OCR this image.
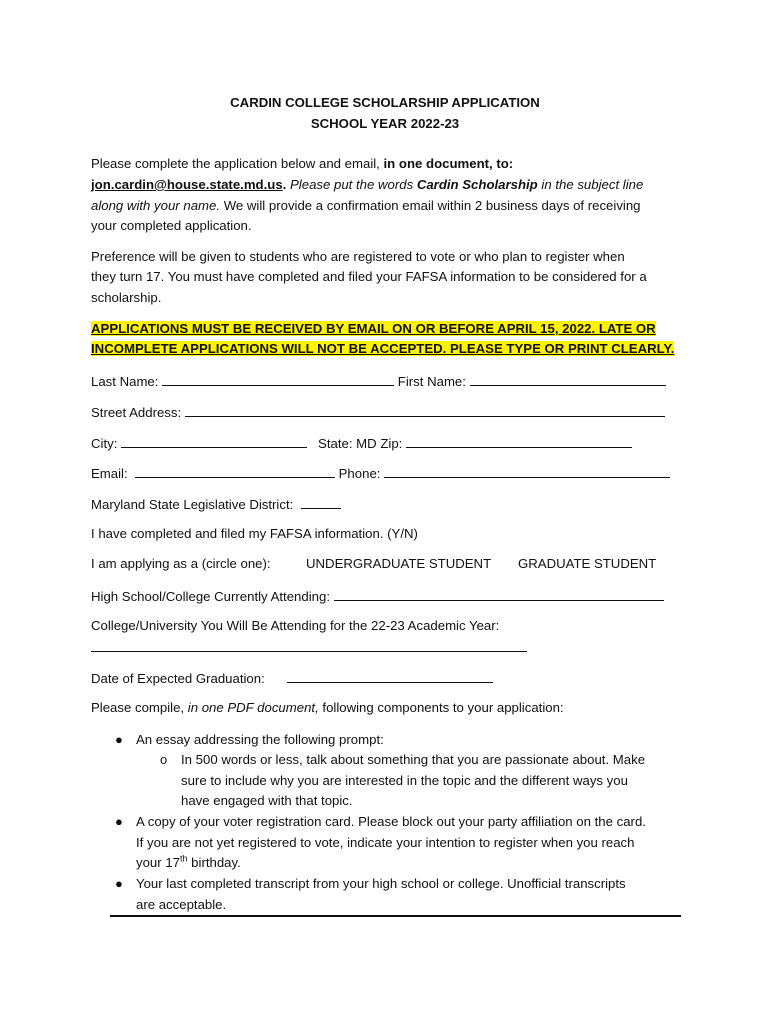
CARDIN COLLEGE SCHOLARSHIP APPLICATION

SCHOOL YEAR 2022-23

Please complete the application below and email, in one document, to:

jon.cardin@house.state.md.us. Please put the words Cardin Scholarship in the subject line

along with your name. We will provide a confirmation email within 2 business days of receiving

your completed application.

Preference will be given to students who are registered to vote or who plan to register when

they turn 17. You must have completed and filed your FAFSA information to be considered for a

scholarship.

APPLICATIONS MUST BE RECEIVED BY EMAIL ON OR BEFORE APRIL 15, 2022. LATE OR

INCOMPLETE APPLICATIONS WILL NOT BE ACCEPTED. PLEASE TYPE OR PRINT CLEARLY.

Last Name:	First Name:

Street Address:

City:	State: MD Zip:

Email:	Phone:

Maryland State Legislative District:

I have completed and filed my FAFSA information. (Y/N)

I am applying as a (circle one):	UNDERGRADUATE STUDENT GRADUATE STUDENT

High School/College Currently Attending:

College/University You Will Be Attending for the 22-23 Academic Year:

Date of Expected Graduation:

Please compile, in one PDF document, following components to your application:

● An essay addressing the following prompt:

o In 500 words or less, talk about something that you are passionate about. Make

sure to include why you are interested in the topic and the different ways you

have engaged with that topic.

● A copy of your voter registration card. Please block out your party affiliation on the card.

If you are not yet registered to vote, indicate your intention to register when you reach

your 17th birthday.

● Your last completed transcript from your high school or college. Unofficial transcripts

are acceptable.
